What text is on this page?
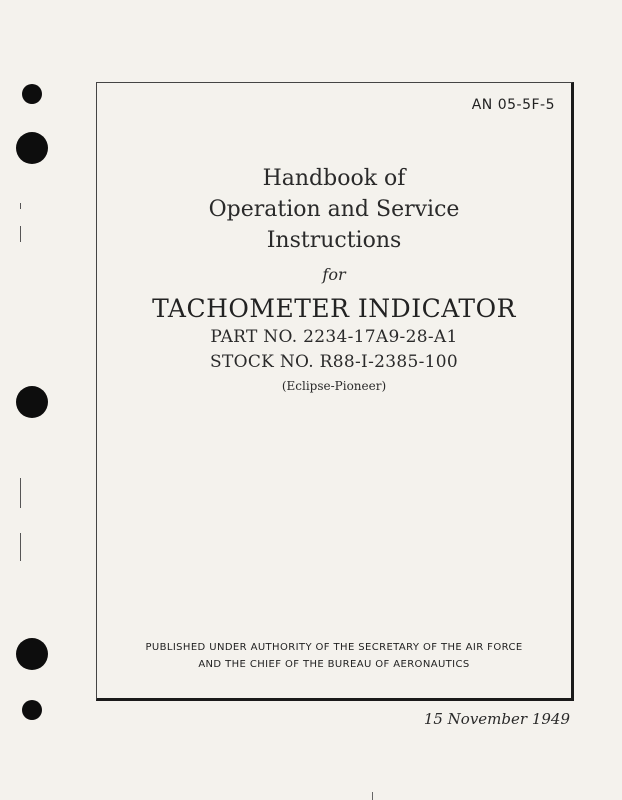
AN 05-5F-5
Handbook of
Operation and Service
Instructions
for
TACHOMETER INDICATOR
PART NO. 2234-17A9-28-A1
STOCK NO. R88-I-2385-100
(Eclipse-Pioneer)
PUBLISHED UNDER AUTHORITY OF THE SECRETARY OF THE AIR FORCE
AND THE CHIEF OF THE BUREAU OF AERONAUTICS
15 November 1949
